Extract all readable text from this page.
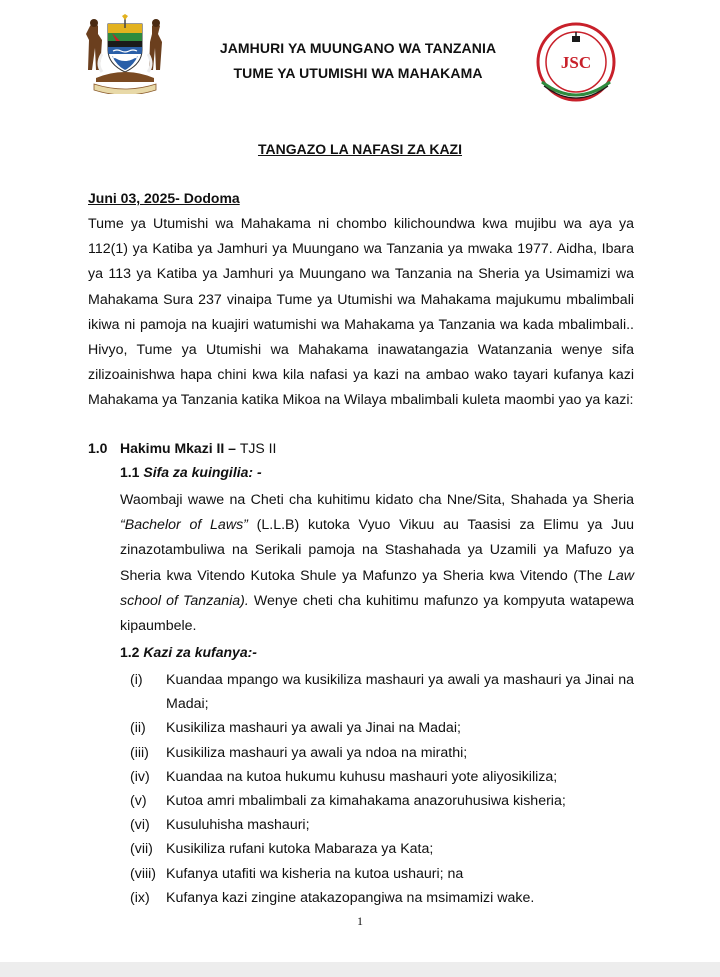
JAMHURI YA MUUNGANO WA TANZANIA
TUME YA UTUMISHI WA MAHAKAMA
JSC
TANGAZO LA NAFASI ZA KAZI
Juni 03, 2025- Dodoma
Tume ya Utumishi wa Mahakama ni chombo kilichoundwa kwa mujibu wa aya ya 112(1) ya Katiba ya Jamhuri ya Muungano wa Tanzania ya mwaka 1977. Aidha, Ibara ya 113 ya Katiba ya Jamhuri ya Muungano wa Tanzania na Sheria ya Usimamizi wa Mahakama Sura 237 vinaipa Tume ya Utumishi wa Mahakama majukumu mbalimbali ikiwa ni pamoja na kuajiri watumishi wa Mahakama ya Tanzania wa kada mbalimbali.. Hivyo, Tume ya Utumishi wa Mahakama inawatangazia Watanzania wenye sifa zilizoainishwa hapa chini kwa kila nafasi ya kazi na ambao wako tayari kufanya kazi Mahakama ya Tanzania katika Mikoa na Wilaya mbalimbali kuleta maombi yao ya kazi:
1.0 Hakimu Mkazi II – TJS II
1.1 Sifa za kuingilia: -
Waombaji wawe na Cheti cha kuhitimu kidato cha Nne/Sita, Shahada ya Sheria “Bachelor of Laws” (L.L.B) kutoka Vyuo Vikuu au Taasisi za Elimu ya Juu zinazotambuliwa na Serikali pamoja na Stashahada ya Uzamili ya Mafuzo ya Sheria kwa Vitendo Kutoka Shule ya Mafunzo ya Sheria kwa Vitendo (The Law school of Tanzania). Wenye cheti cha kuhitimu mafunzo ya kompyuta watapewa kipaumbele.
1.2 Kazi za kufanya:-
(i) Kuandaa mpango wa kusikiliza mashauri ya awali ya mashauri ya Jinai na Madai;
(ii) Kusikiliza mashauri ya awali ya Jinai na Madai;
(iii) Kusikiliza mashauri ya awali ya ndoa na mirathi;
(iv) Kuandaa na kutoa hukumu kuhusu mashauri yote aliyosikiliza;
(v) Kutoa amri mbalimbali za kimahakama anazoruhusiwa kisheria;
(vi) Kusuluhisha mashauri;
(vii) Kusikiliza rufani kutoka Mabaraza ya Kata;
(viii) Kufanya utafiti wa kisheria na kutoa ushauri; na
(ix) Kufanya kazi zingine atakazopangiwa na msimamizi wake.
1
